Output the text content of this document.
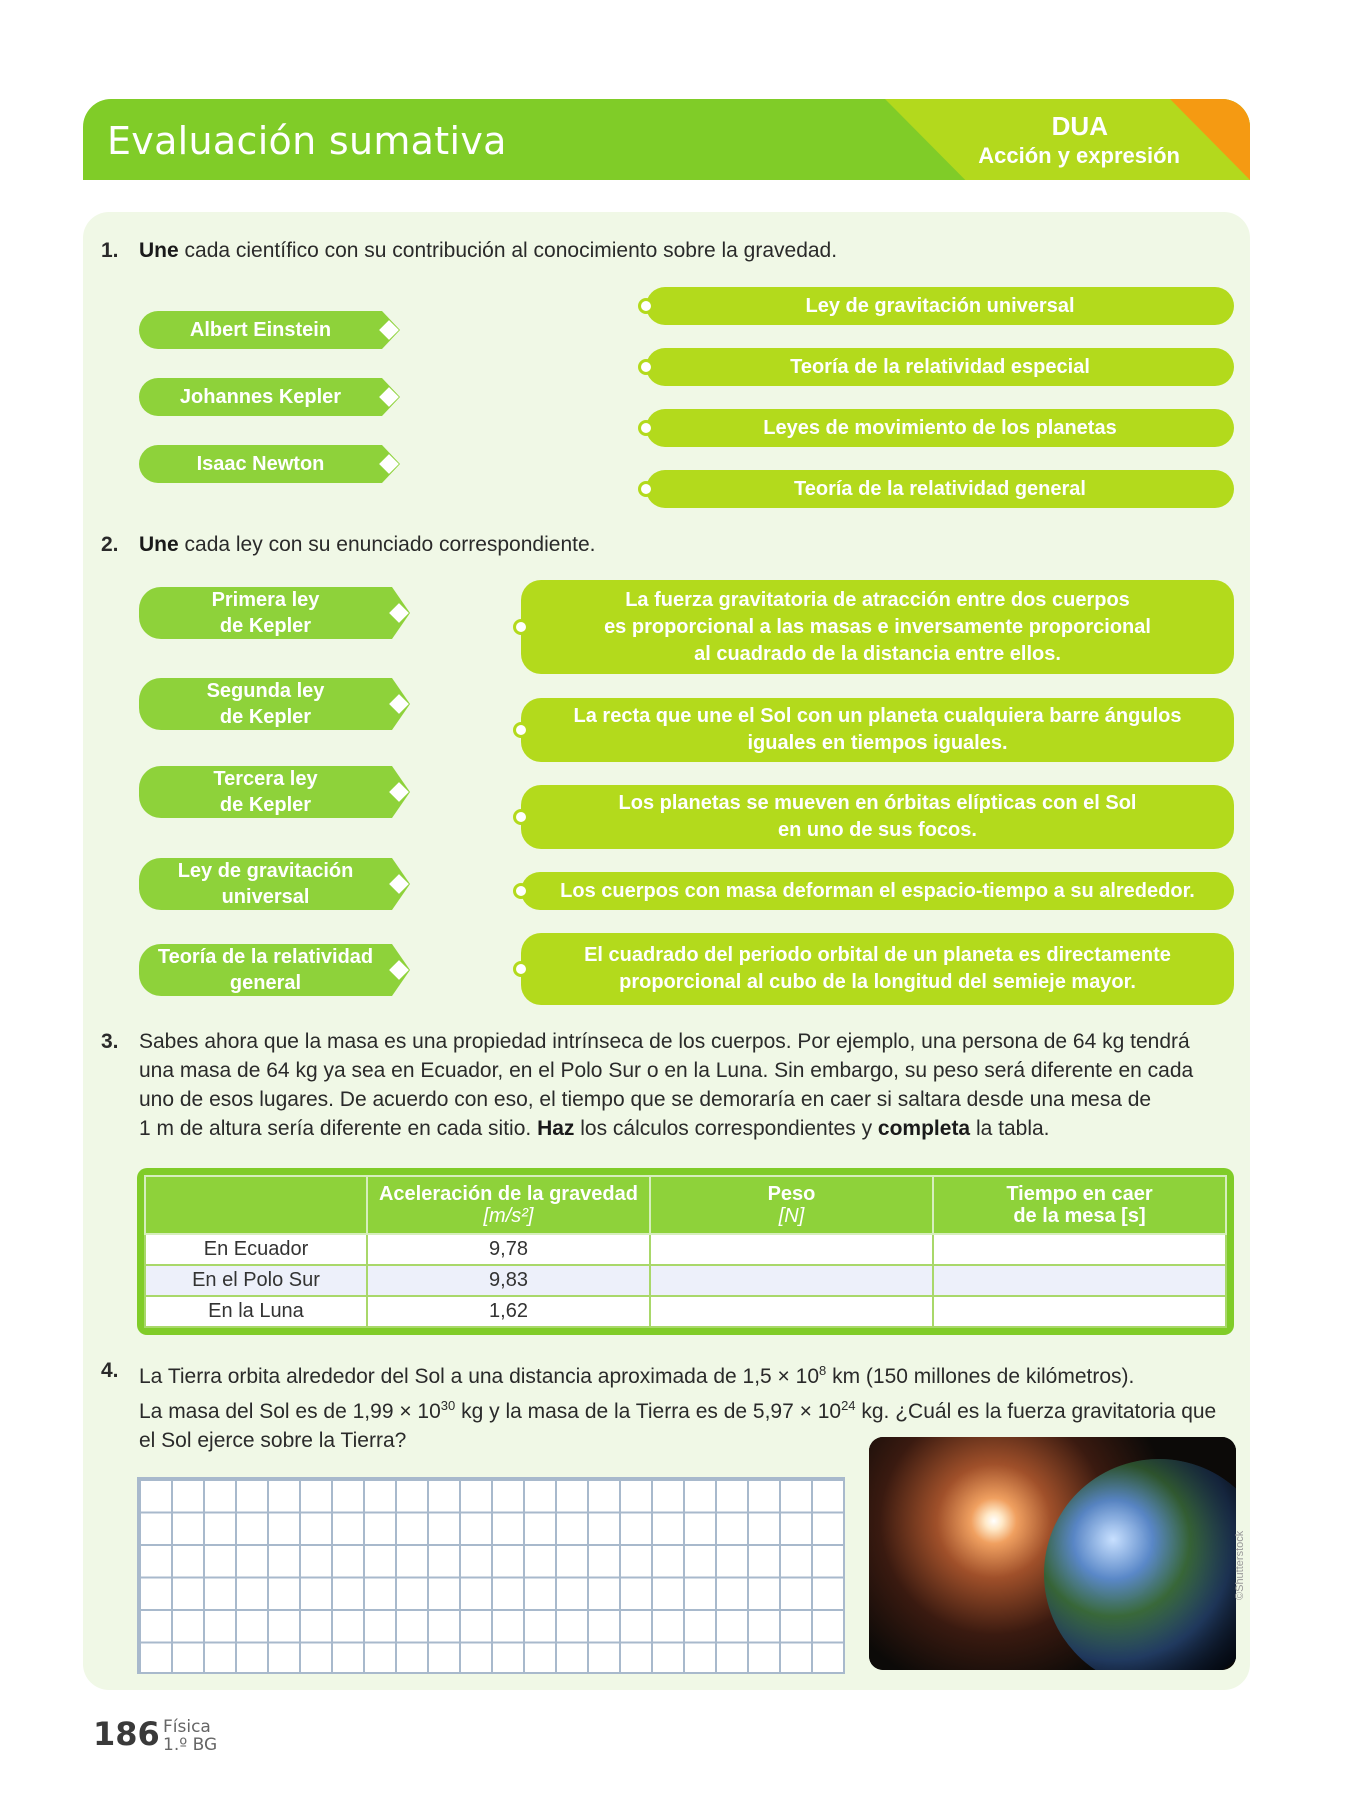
Evaluación sumativa	DUA
Acción y expresión
1. Une cada científico con su contribución al conocimiento sobre la gravedad.
Albert Einstein
Johannes Kepler
Isaac Newton
Ley de gravitación universal
Teoría de la relatividad especial
Leyes de movimiento de los planetas
Teoría de la relatividad general
2. Une cada ley con su enunciado correspondiente.
Primera ley
de Kepler
Segunda ley
de Kepler
Tercera ley
de Kepler
Ley de gravitación
universal
Teoría de la relatividad
general
La fuerza gravitatoria de atracción entre dos cuerpos
es proporcional a las masas e inversamente proporcional
al cuadrado de la distancia entre ellos.
La recta que une el Sol con un planeta cualquiera barre ángulos
iguales en tiempos iguales.
Los planetas se mueven en órbitas elípticas con el Sol
en uno de sus focos.
Los cuerpos con masa deforman el espacio-tiempo a su alrededor.
El cuadrado del periodo orbital de un planeta es directamente
proporcional al cubo de la longitud del semieje mayor.
3. Sabes ahora que la masa es una propiedad intrínseca de los cuerpos. Por ejemplo, una persona de 64 kg tendrá
una masa de 64 kg ya sea en Ecuador, en el Polo Sur o en la Luna. Sin embargo, su peso será diferente en cada
uno de esos lugares. De acuerdo con eso, el tiempo que se demoraría en caer si saltara desde una mesa de
1 m de altura sería diferente en cada sitio. Haz los cálculos correspondientes y completa la tabla.

Aceleración de la gravedad
[m/s²]

Peso
[N]

Tiempo en caer
de la mesa [s]

En Ecuador	9,78		
En el Polo Sur	9,83		
En la Luna	1,62		
4. La Tierra orbita alrededor del Sol a una distancia aproximada de $1,5 \times 10^8$ km (150 millones de kilómetros).
La masa del Sol es de $1,99 \times 10^{30}$ kg y la masa de la Tierra es de $5,97 \times 10^{24}$ kg. ¿Cuál es la fuerza gravitatoria que
el Sol ejerce sobre la Tierra?
©Shutterstock
186 Física
1.º BG
